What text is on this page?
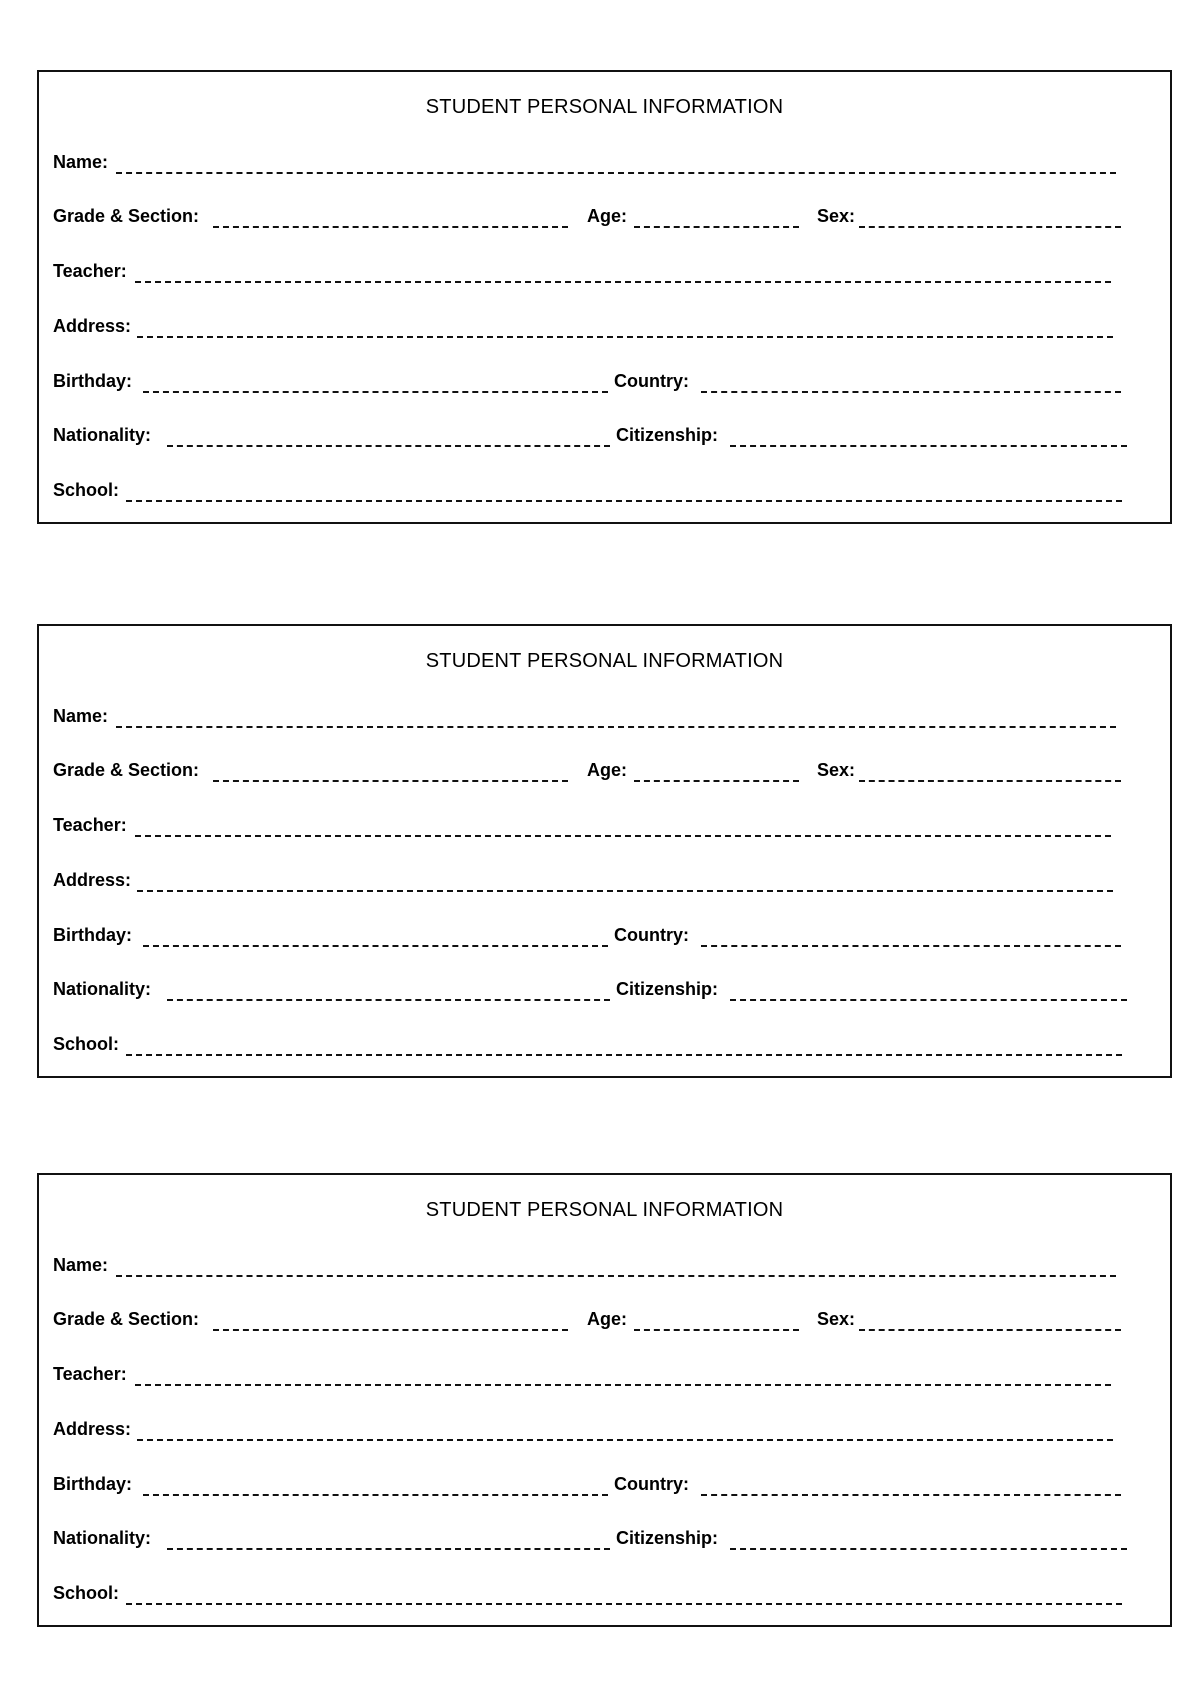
STUDENT PERSONAL INFORMATION
Name:
Grade & Section:	Age:	Sex:
Teacher:
Address:
Birthday:	Country:
Nationality:	Citizenship:
School:
STUDENT PERSONAL INFORMATION
Name:
Grade & Section:	Age:	Sex:
Teacher:
Address:
Birthday:	Country:
Nationality:	Citizenship:
School:
STUDENT PERSONAL INFORMATION
Name:
Grade & Section:	Age:	Sex:
Teacher:
Address:
Birthday:	Country:
Nationality:	Citizenship:
School:
